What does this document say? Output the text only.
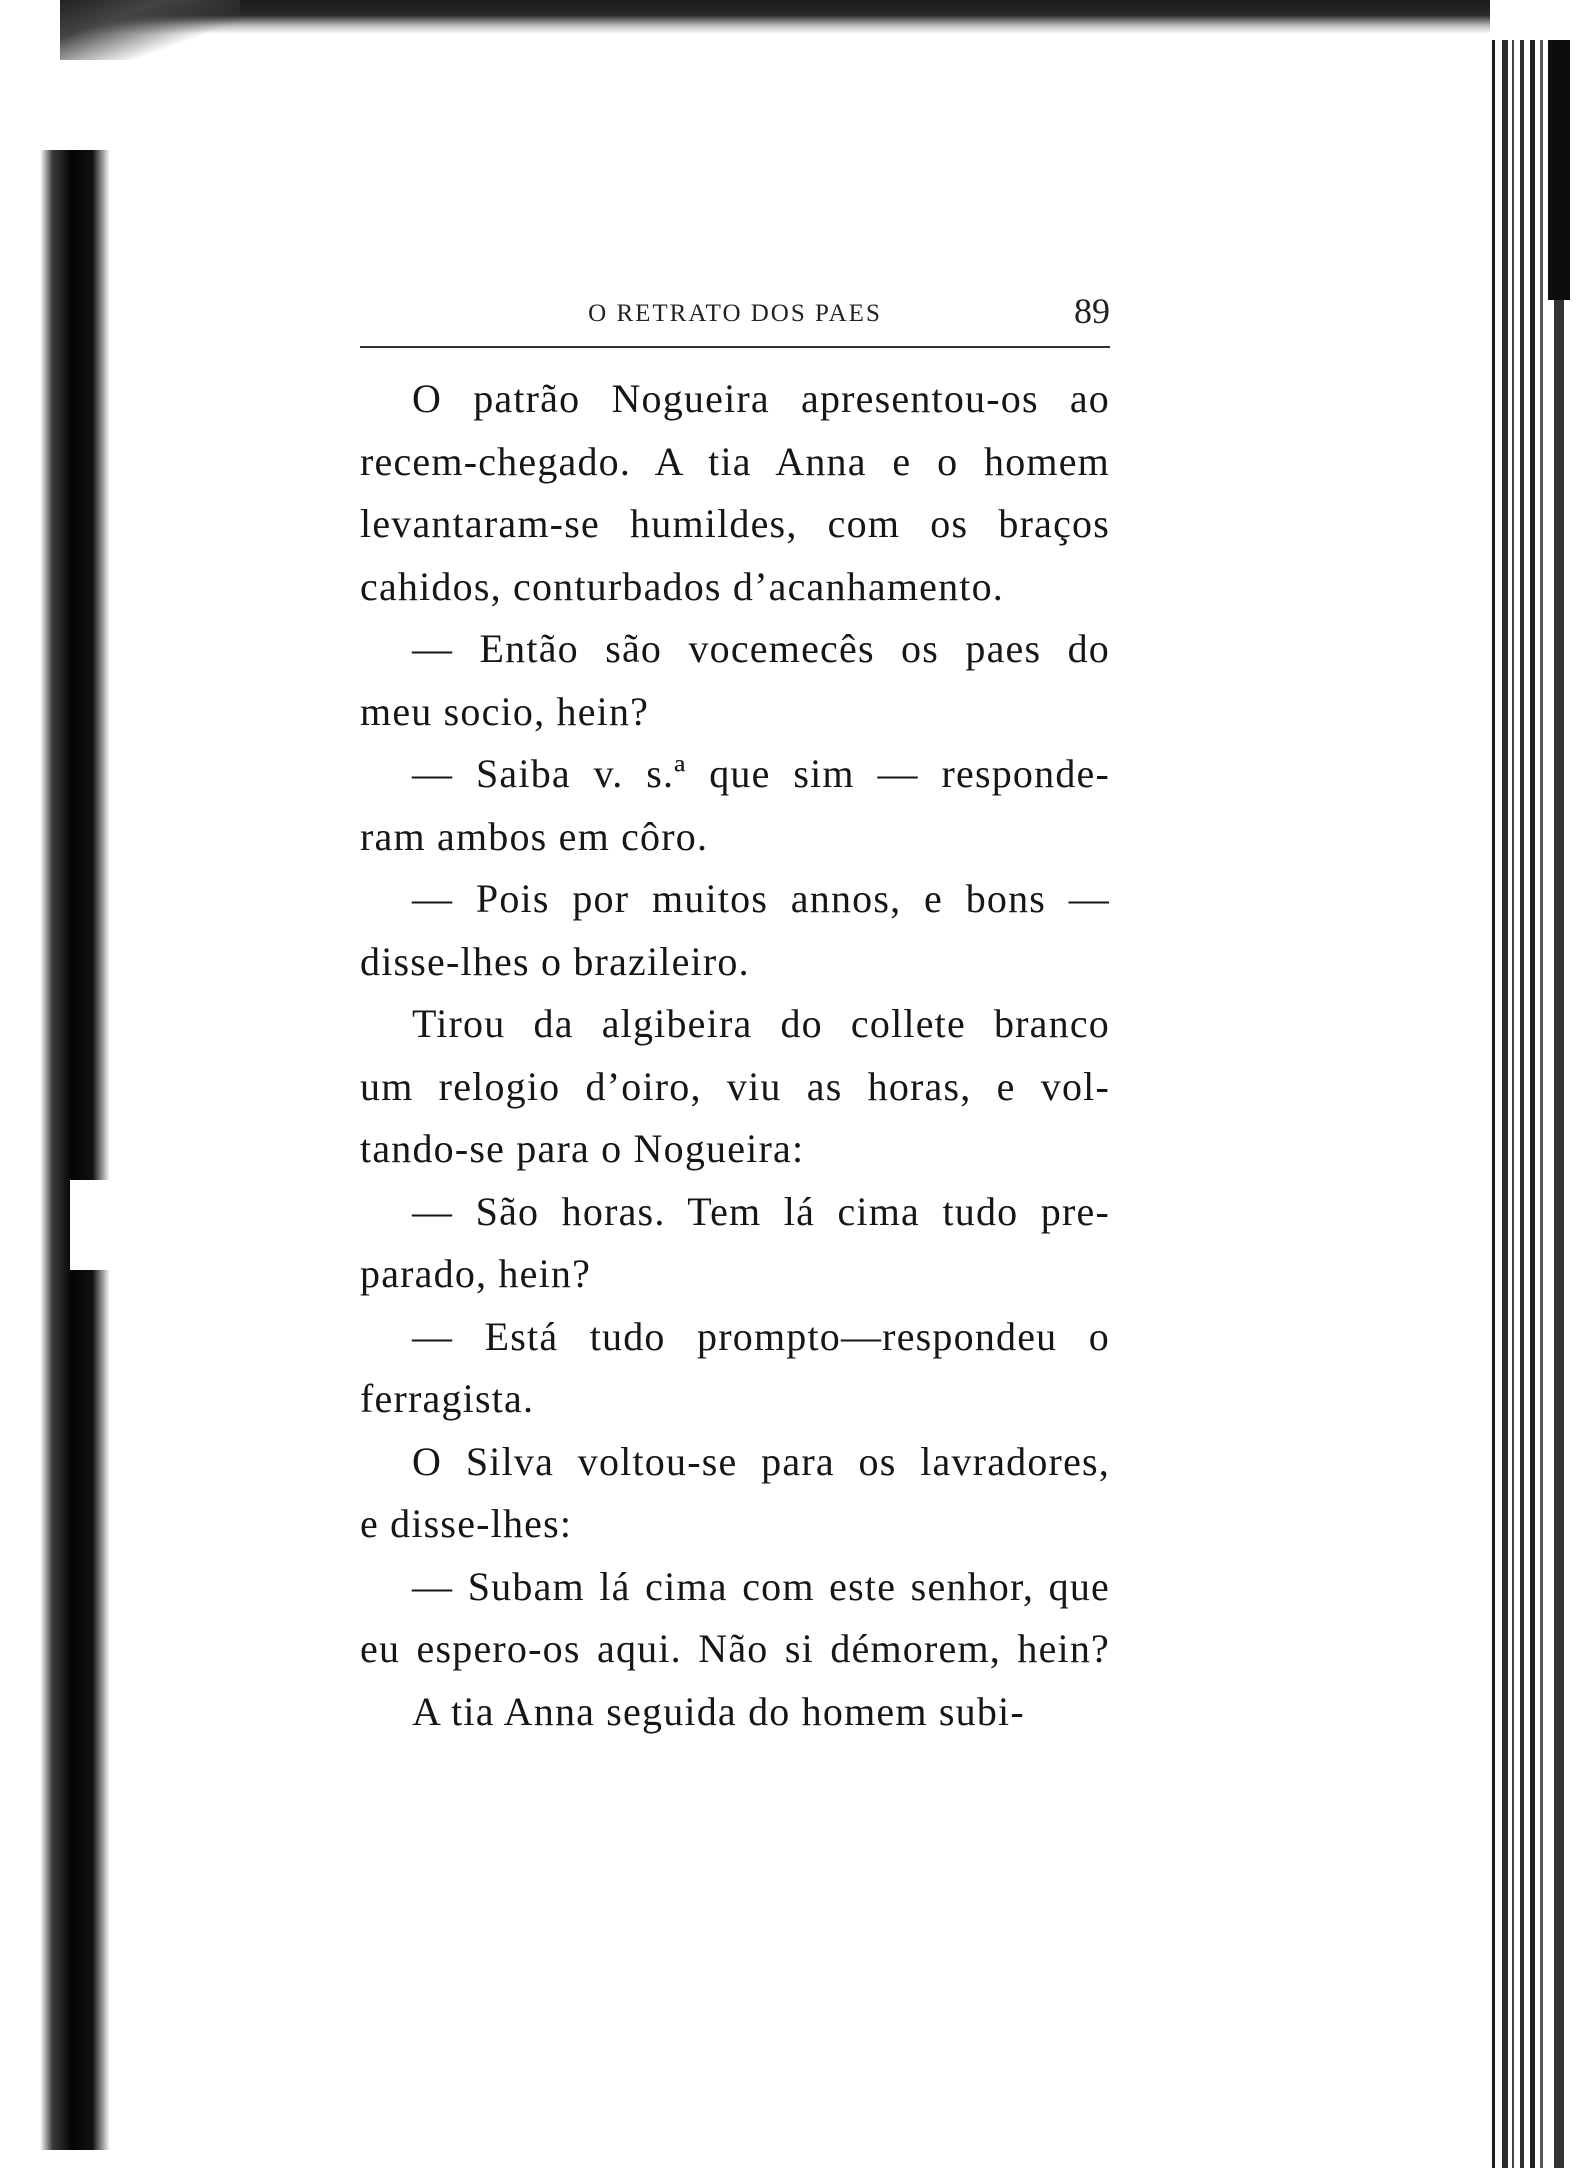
O RETRATO DOS PAES	89
O patrão Nogueira apresentou-os ao
recem-chegado. A tia Anna e o homem
levantaram-se humildes, com os braços
cahidos, conturbados d’acanhamento.
— Então são vocemecês os paes do
meu socio, hein?
— Saiba v. s.ª que sim — responde-
ram ambos em côro.
— Pois por muitos annos, e bons —
disse-lhes o brazileiro.
Tirou da algibeira do collete branco
um relogio d’oiro, viu as horas, e vol-
tando-se para o Nogueira:
— São horas. Tem lá cima tudo pre-
parado, hein?
— Está tudo prompto—respondeu o
ferragista.
O Silva voltou-se para os lavradores,
e disse-lhes:
— Subam lá cima com este senhor, que
eu espero-os aqui. Não si démorem, hein?
A tia Anna seguida do homem subi-
